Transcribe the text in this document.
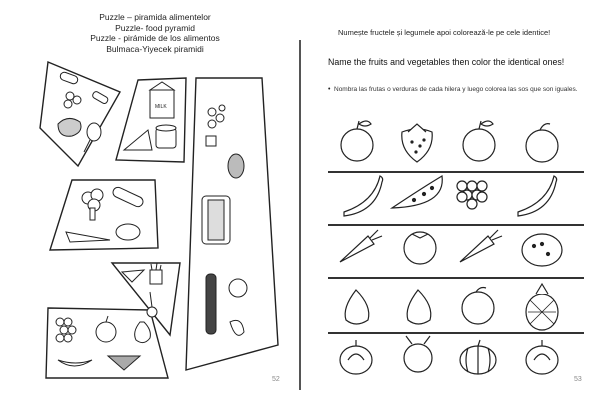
Puzzle – piramida alimentelor
Puzzle- food pyramid
Puzzle - pirámide de los alimentos
Bulmaca-Yiyecek piramidi
MILK
52
Numește fructele și legumele apoi colorează-le pe cele identice!
Name the fruits and vegetables then color the identical ones!
• Nombra las frutas o verduras de cada hilera y luego colorea las sos que son iguales.
53
